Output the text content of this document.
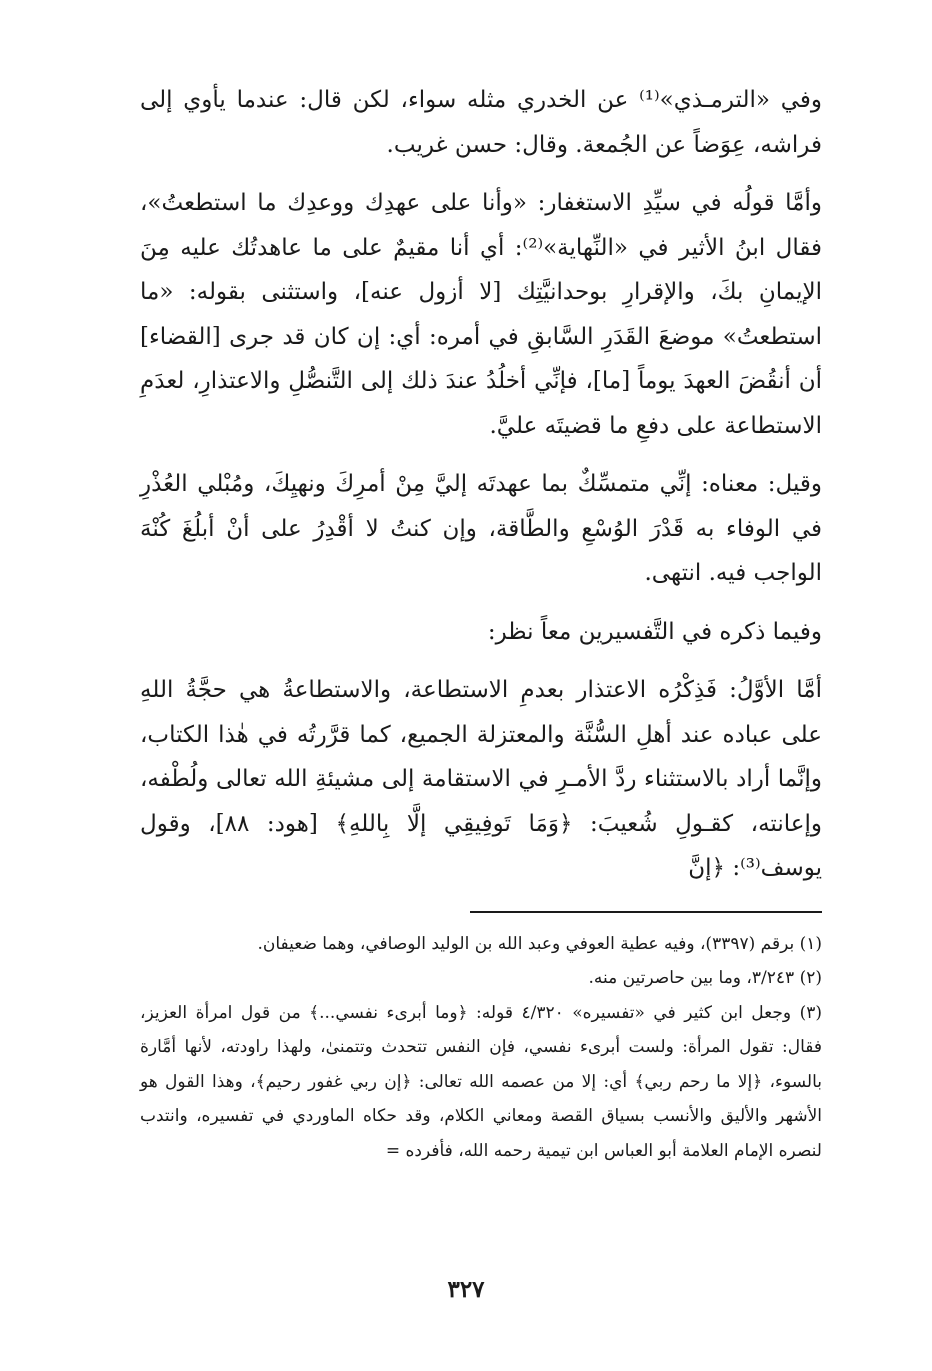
وفي «الترمـذي»⁽¹⁾ عن الخدري مثله سواء، لكن قال: عندما يأوي إلى فراشه، عِوَضاً عن الجُمعة. وقال: حسن غريب.

وأمَّا قولُه في سيِّدِ الاستغفار: «وأنا على عهدِك ووعدِك ما استطعتُ»، فقال ابنُ الأثير في «النِّهاية»⁽²⁾: أي أنا مقيمٌ على ما عاهدتُك عليه مِنَ الإيمانِ بكَ، والإقرارِ بوحدانيَّتِك [لا أزول عنه]، واستثنى بقوله: «ما استطعتُ» موضعَ القَدَرِ السَّابقِ في أمره: أي: إن كان قد جرى [القضاء] أن أنقُضَ العهدَ يوماً [ما]، فإنِّي أخلُدُ عندَ ذلك إلى التَّنصُّلِ والاعتذارِ، لعدَمِ الاستطاعة على دفعِ ما قضيتَه عليَّ.

وقيل: معناه: إنِّي متمسِّكٌ بما عهدتَه إليَّ مِنْ أمرِكَ ونهيِكَ، ومُبْلي العُذْرِ في الوفاء به قَدْرَ الوُسْعِ والطَّاقة، وإن كنتُ لا أقْدِرُ على أنْ أبلُغَ كُنْهَ الواجب فيه. انتهى.

وفيما ذكره في التَّفسيرين معاً نظر:

أمَّا الأوَّلُ: فَذِكْرُه الاعتذار بعدمِ الاستطاعة، والاستطاعةُ هي حجَّةُ اللهِ على عباده عند أهلِ السُّنَّة والمعتزلة الجميع، كما قرَّرتُه في هٰذا الكتاب، وإنَّما أراد بالاستثناء ردَّ الأمـرِ في الاستقامة إلى مشيئةِ الله تعالى ولُطْفه، وإعانته، كقـولِ شُعيبَ: ﴿وَمَا تَوفِيقِي إلَّا بِاللهِ﴾ [هود: ٨٨]، وقول يوسف⁽³⁾: ﴿إنَّ

(١) برقم (٣٣٩٧)، وفيه عطية العوفي وعبد الله بن الوليد الوصافي، وهما ضعيفان.

(٢) ٣/٢٤٣، وما بين حاصرتين منه.

(٣) وجعل ابن كثير في «تفسيره» ٤/٣٢٠ قوله: ﴿وما أبرىء نفسي...﴾ من قول امرأة العزيز، فقال: تقول المرأة: ولست أبرىء نفسي، فإن النفس تتحدث وتتمنىٰ، ولهذا راودته، لأنها أمَّارة بالسوء، ﴿إلا ما رحم ربي﴾ أي: إلا من عصمه الله تعالى: ﴿إن ربي غفور رحيم﴾، وهذا القول هو الأشهر والأليق والأنسب بسياق القصة ومعاني الكلام، وقد حكاه الماوردي في تفسيره، وانتدب لنصره الإمام العلامة أبو العباس ابن تيمية رحمه الله، فأفرده =

٣٢٧
